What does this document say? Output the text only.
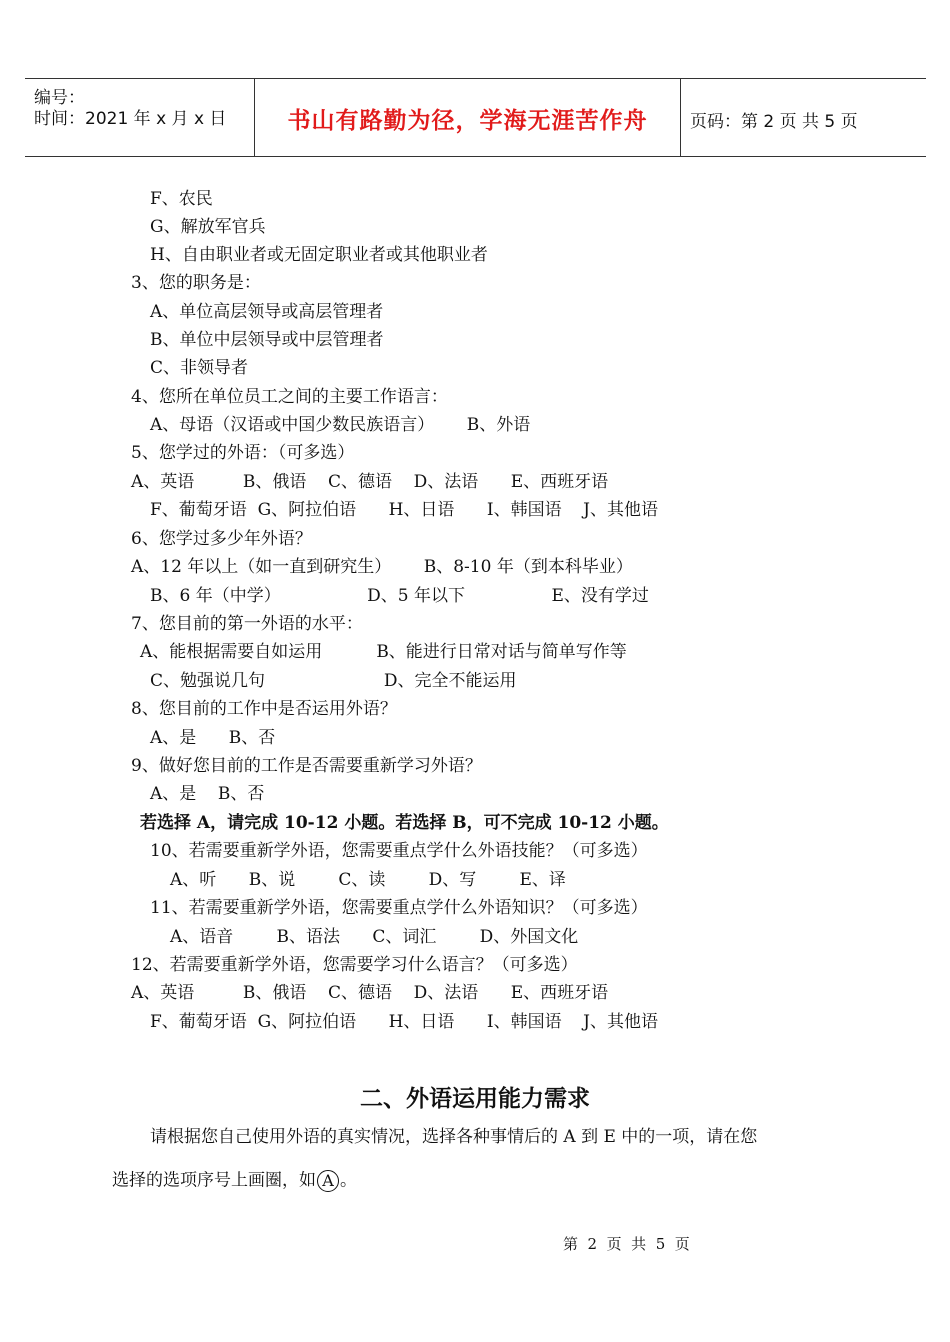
编号：
时间：2021 年 x 月 x 日	书山有路勤为径，学海无涯苦作舟	页码：第 2 页 共 5 页
F、农民
G、解放军官兵
H、自由职业者或无固定职业者或其他职业者
3、您的职务是：
A、单位高层领导或高层管理者
B、单位中层领导或中层管理者
C、非领导者
4、您所在单位员工之间的主要工作语言：
A、母语（汉语或中国少数民族语言）      B、外语
5、您学过的外语：（可多选）
A、英语         B、俄语    C、德语    D、法语      E、西班牙语
F、葡萄牙语  G、阿拉伯语      H、日语      I、韩国语    J、其他语
6、您学过多少年外语？
A、12 年以上（如一直到研究生）      B、8-10 年（到本科毕业）
B、6 年（中学）                D、5 年以下                E、没有学过
7、您目前的第一外语的水平：
A、能根据需要自如运用          B、能进行日常对话与简单写作等
C、勉强说几句                      D、完全不能运用
8、您目前的工作中是否运用外语？
A、是      B、否
9、做好您目前的工作是否需要重新学习外语？
A、是    B、否
若选择 A，请完成 10-12 小题。若选择 B，可不完成 10-12 小题。
10、若需要重新学外语，您需要重点学什么外语技能？（可多选）
A、听      B、说        C、读        D、写        E、译
11、若需要重新学外语，您需要重点学什么外语知识？（可多选）
A、语音        B、语法      C、词汇        D、外国文化
12、若需要重新学外语，您需要学习什么语言？（可多选）
A、英语         B、俄语    C、德语    D、法语      E、西班牙语
F、葡萄牙语  G、阿拉伯语      H、日语      I、韩国语    J、其他语
二、外语运用能力需求
请根据您自己使用外语的真实情况，选择各种事情后的 A 到 E 中的一项，请在您
选择的选项序号上画圈，如 A 。
第  2  页  共  5  页
